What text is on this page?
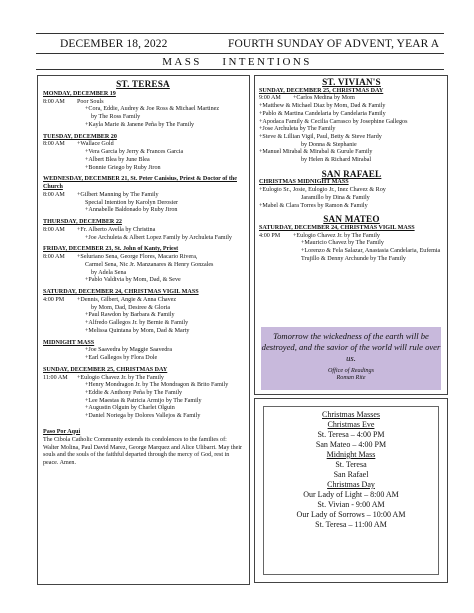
DECEMBER 18, 2022	FOURTH SUNDAY OF ADVENT, YEAR A
MASS    INTENTIONS
ST. TERESA
MONDAY, DECEMBER 19
8:00 AM	Poor Souls
+Cora, Eddie, Audrey & Joe Ross & Michael Martinez
by The Ross Family
+Kayla Marie & Janene Peña by The Family
TUESDAY, DECEMBER 20
8:00 AM	+Wallace Gold
+Vera Garcia by Jerry & Frances Garcia
+Albert Blea by June Blea
+Bonnie Griego by Ruby Jiron
WEDNESDAY, DECEMBER 21, St. Peter Canisius, Priest & Doctor of the Church
8:00 AM	+Gilbert Manning by The Family
Special Intention by Karolyn Derosier
+Annabelle Baldonado by Ruby Jiron
THURSDAY, DECEMBER 22
8:00 AM	+Fr. Alberto Avella by Christina
+Joe Archuleta & Albert Lopez Family by Archuleta Family
FRIDAY, DECEMBER 23, St. John of Kanty, Priest
8:00 AM	+Seluriano Sena, George Flores, Macario Rivera,
Carmel Sena, Nic Jr. Manzanares & Henry Gonzales
by Adela Sena
+Pablo Valdivia by Mom, Dad, & Seve
SATURDAY, DECEMBER 24, CHRISTMAS VIGIL MASS
4:00 PM	+Dennis, Gilbert, Angie & Anna Chavez
by Mom, Dad, Desiree & Gloria
+Paul Rawdon by Barbara & Family
+Alfredo Gallegos Jr. by Bernie & Family
+Melissa Quintana by Mom, Dad & Marty
MIDNIGHT MASS
+Joe Saavedra by Maggie Saavedra
+Earl Gallegos by Flora Dole
SUNDAY, DECEMBER 25, CHRISTMAS DAY
11:00 AM	+Eulogio Chavez Jr. by The Family
+Henry Mondragon Jr. by The Mondragon & Brito Family
+Eddie & Anthony Peña by The Family
+Lee Maestas & Patricia Armijo by The Family
+Augustin Olguin by Charlet Olguin
+Daniel Noriega by Dolores Vallejos & Family
Paso Por Aqui
The Cibola Catholic Community extends its condolences to the families of: Walter Molina, Paul David Marez, George Marquez and Alice Ulibarri. May their souls and the souls of the faithful departed through the mercy of God, rest in peace. Amen.
ST. VIVIAN'S
SUNDAY, DECEMBER 25, CHRISTMAS DAY
9:00 AM	+Carlos Medina by Mom
+Matthew & Michael Diaz by Mom, Dad & Family
+Pablo & Martina Candelaria by Candelaria Family
+Apodaca Family & Cecilia Carrasco by Josephine Gallegos
+Jose Archuleta by The Family
+Steve & Lillian Vigil, Paul, Betty & Steve Hardy
by Donna & Stephanie
+Manuel Mirabal & Mirabal & Gurule Family
by Helen & Richard Mirabal
SAN RAFAEL
CHRISTMAS MIDNIGHT MASS
+Eulogio Sr., Josie, Eulogio Jr., Inez Chavez & Roy
Jaramillo by Dina & Family
+Mabel & Clara Torres by Ramon & Family
SAN MATEO
SATURDAY, DECEMBER 24, CHRISTMAS VIGIL MASS
4:00 PM	+Eulogio Chavez Jr. by The Family
+Mauricio Chavez by The Family
+Lorenzo & Fela Salazar, Anastasia Candelaria, Eufemia
Trujillo & Denny Archunde by The Family
Tomorrow the wickedness of the earth will be destroyed, and the savior of the world will rule over us.
Office of Readings
Roman Rite
Christmas Masses
Christmas Eve
St. Teresa – 4:00 PM
San Mateo – 4:00 PM
Midnight Mass
St. Teresa
San Rafael
Christmas Day
Our Lady of Light – 8:00 AM
St. Vivian - 9:00 AM
Our Lady of Sorrows – 10:00 AM
St. Teresa – 11:00 AM
